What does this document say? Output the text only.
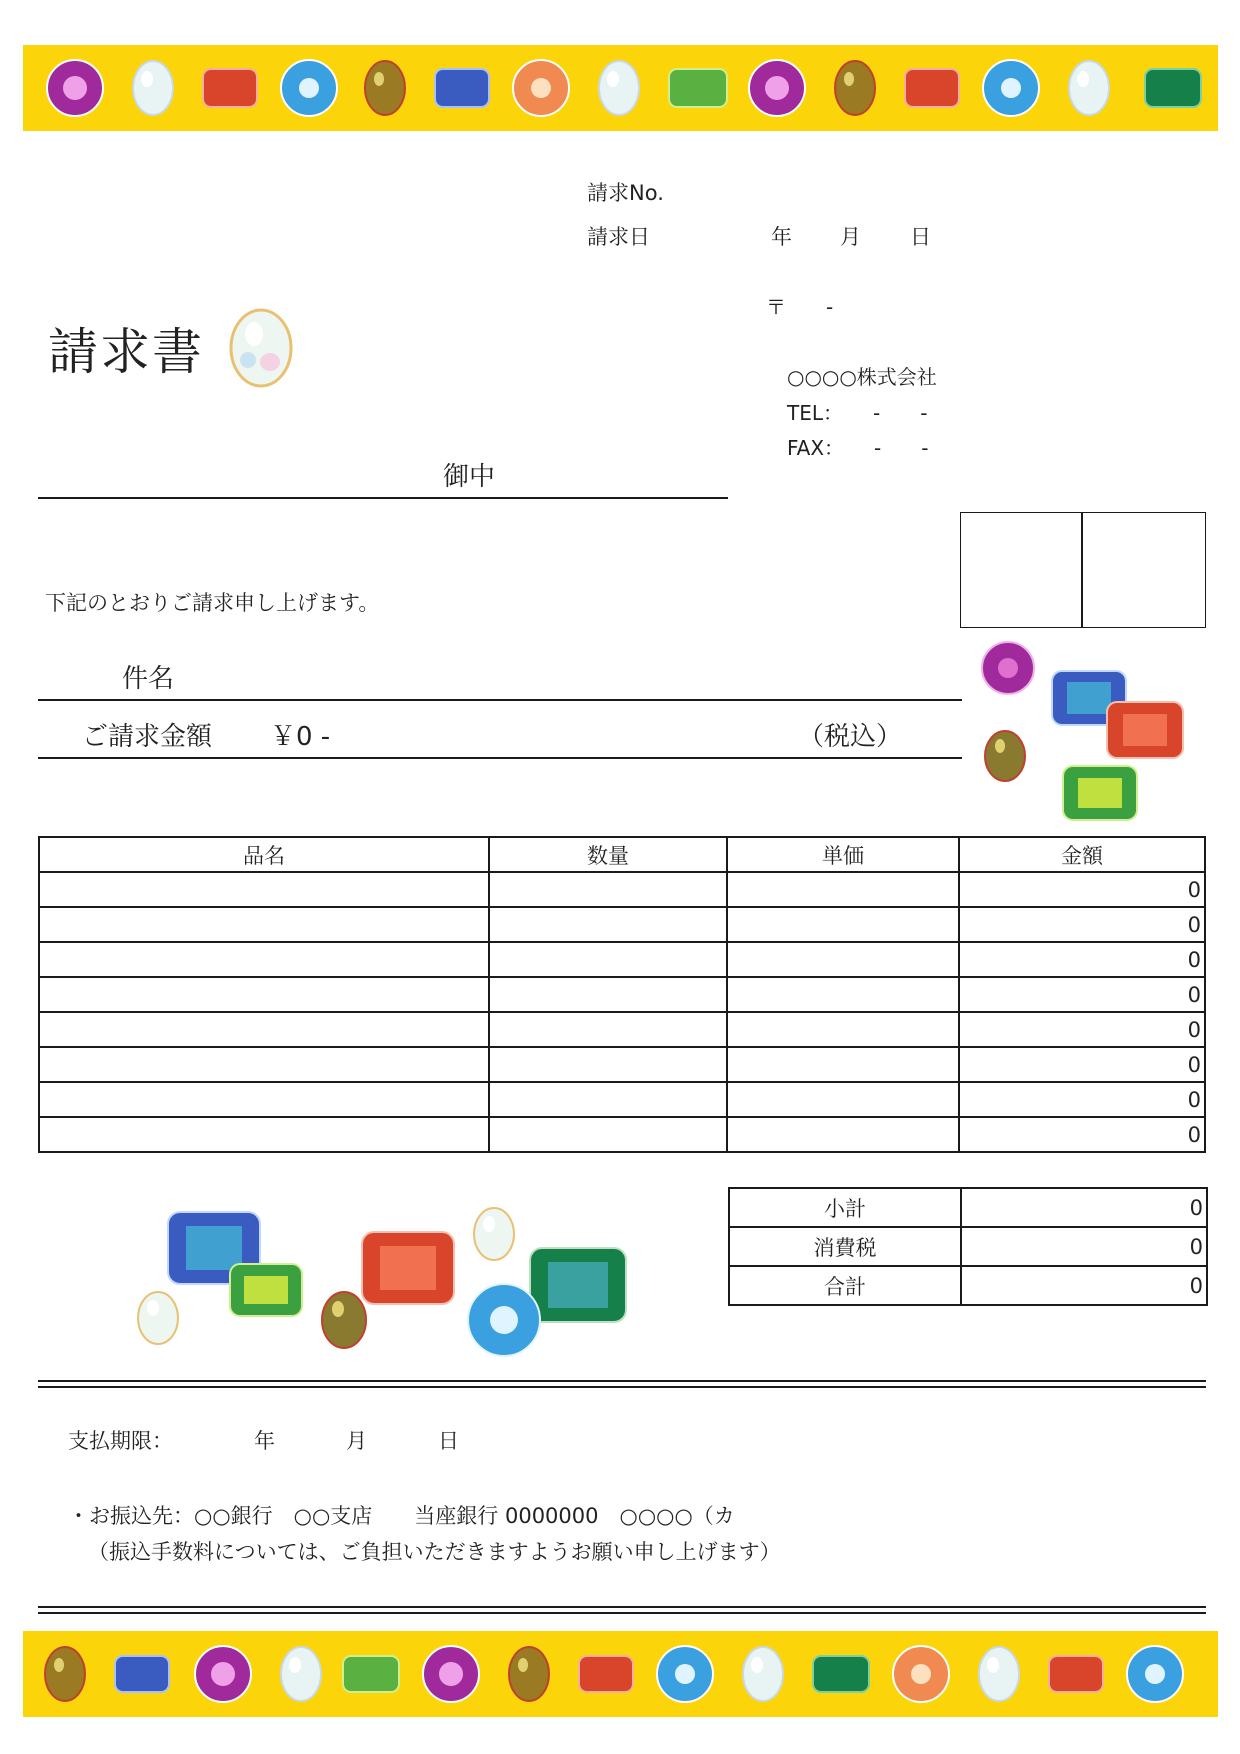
請求No.
請求日	年 月 日
請求書
〒　　-
○○○○株式会社
TEL：　　-　　-
FAX：　　-　　-
御中
下記のとおりご請求申し上げます。
件名
ご請求金額 ￥0 -	（税込）
品名	数量	単価	金額
			0
			0
			0
			0
			0
			0
			0
			0
小計	0
消費税	0
合計	0
支払期限：	年	月	日
・お振込先：○○銀行　○○支店　　当座銀行 0000000　○○○○（カ
（振込手数料については、ご負担いただきますようお願い申し上げます）
